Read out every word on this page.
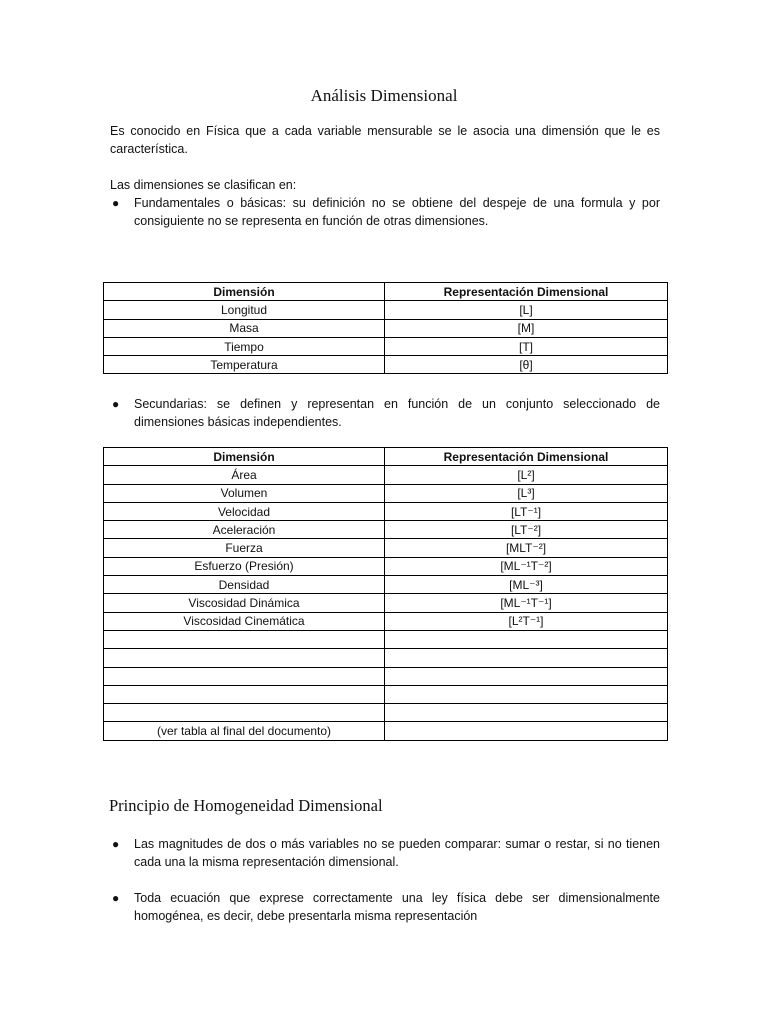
Análisis Dimensional
Es conocido en Física que a cada variable mensurable se le asocia una dimensión que le es característica.
Las dimensiones se clasifican en:
● Fundamentales o básicas: su definición no se obtiene del despeje de una formula y por consiguiente no se representa en función de otras dimensiones.
Dimensión	Representación Dimensional
Longitud	[L]
Masa	[M]
Tiempo	[T]
Temperatura	[θ]
● Secundarias: se definen y representan en función de un conjunto seleccionado de dimensiones básicas independientes.
Dimensión	Representación Dimensional
Área	[L²]
Volumen	[L³]
Velocidad	[LT⁻¹]
Aceleración	[LT⁻²]
Fuerza	[MLT⁻²]
Esfuerzo (Presión)	[ML⁻¹T⁻²]
Densidad	[ML⁻³]
Viscosidad Dinámica	[ML⁻¹T⁻¹]
Viscosidad Cinemática	[L²T⁻¹]

(ver tabla al final del documento)	
Principio de Homogeneidad Dimensional
● Las magnitudes de dos o más variables no se pueden comparar: sumar o restar, si no tienen cada una la misma representación dimensional.
● Toda ecuación que exprese correctamente una ley física debe ser dimensionalmente homogénea, es decir, debe presentarla misma representación
